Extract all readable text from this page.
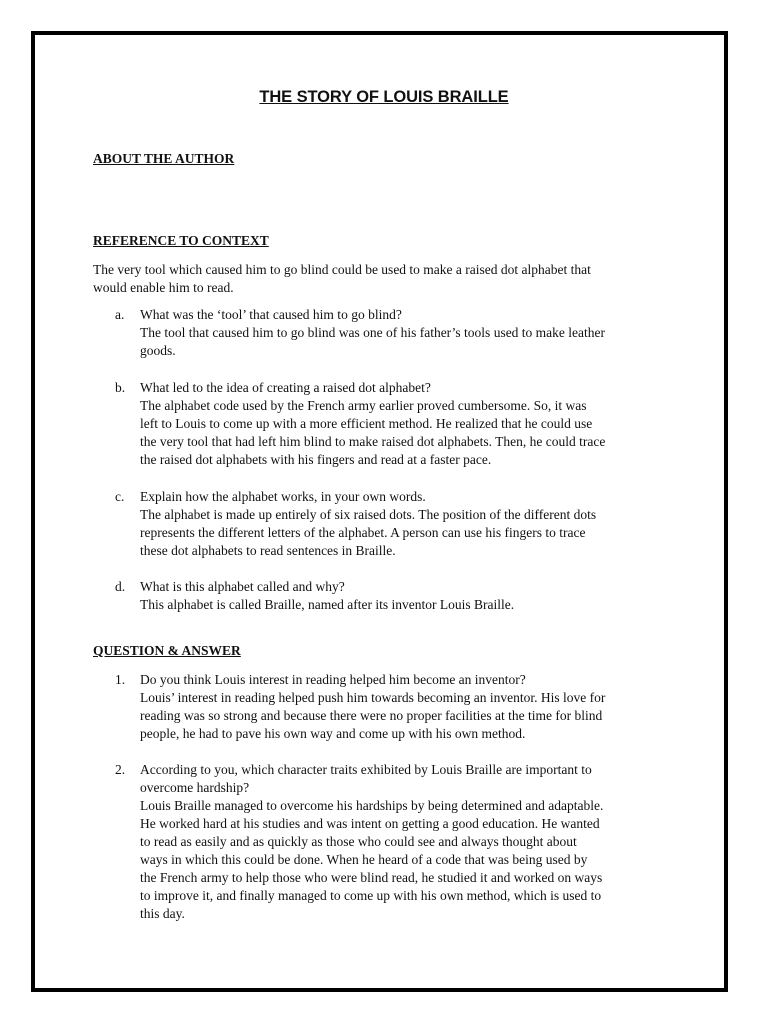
THE STORY OF LOUIS BRAILLE
ABOUT THE AUTHOR
REFERENCE TO CONTEXT
The very tool which caused him to go blind could be used to make a raised dot alphabet that
would enable him to read.
a.	What was the ‘tool’ that caused him to go blind?
The tool that caused him to go blind was one of his father’s tools used to make leather
goods.
b.	What led to the idea of creating a raised dot alphabet?
The alphabet code used by the French army earlier proved cumbersome. So, it was
left to Louis to come up with a more efficient method. He realized that he could use
the very tool that had left him blind to make raised dot alphabets. Then, he could trace
the raised dot alphabets with his fingers and read at a faster pace.
c.	Explain how the alphabet works, in your own words.
The alphabet is made up entirely of six raised dots. The position of the different dots
represents the different letters of the alphabet. A person can use his fingers to trace
these dot alphabets to read sentences in Braille.
d.	What is this alphabet called and why?
This alphabet is called Braille, named after its inventor Louis Braille.
QUESTION & ANSWER
1.	Do you think Louis interest in reading helped him become an inventor?
Louis’ interest in reading helped push him towards becoming an inventor. His love for
reading was so strong and because there were no proper facilities at the time for blind
people, he had to pave his own way and come up with his own method.
2.	According to you, which character traits exhibited by Louis Braille are important to
overcome hardship?
Louis Braille managed to overcome his hardships by being determined and adaptable.
He worked hard at his studies and was intent on getting a good education. He wanted
to read as easily and as quickly as those who could see and always thought about
ways in which this could be done. When he heard of a code that was being used by
the French army to help those who were blind read, he studied it and worked on ways
to improve it, and finally managed to come up with his own method, which is used to
this day.
